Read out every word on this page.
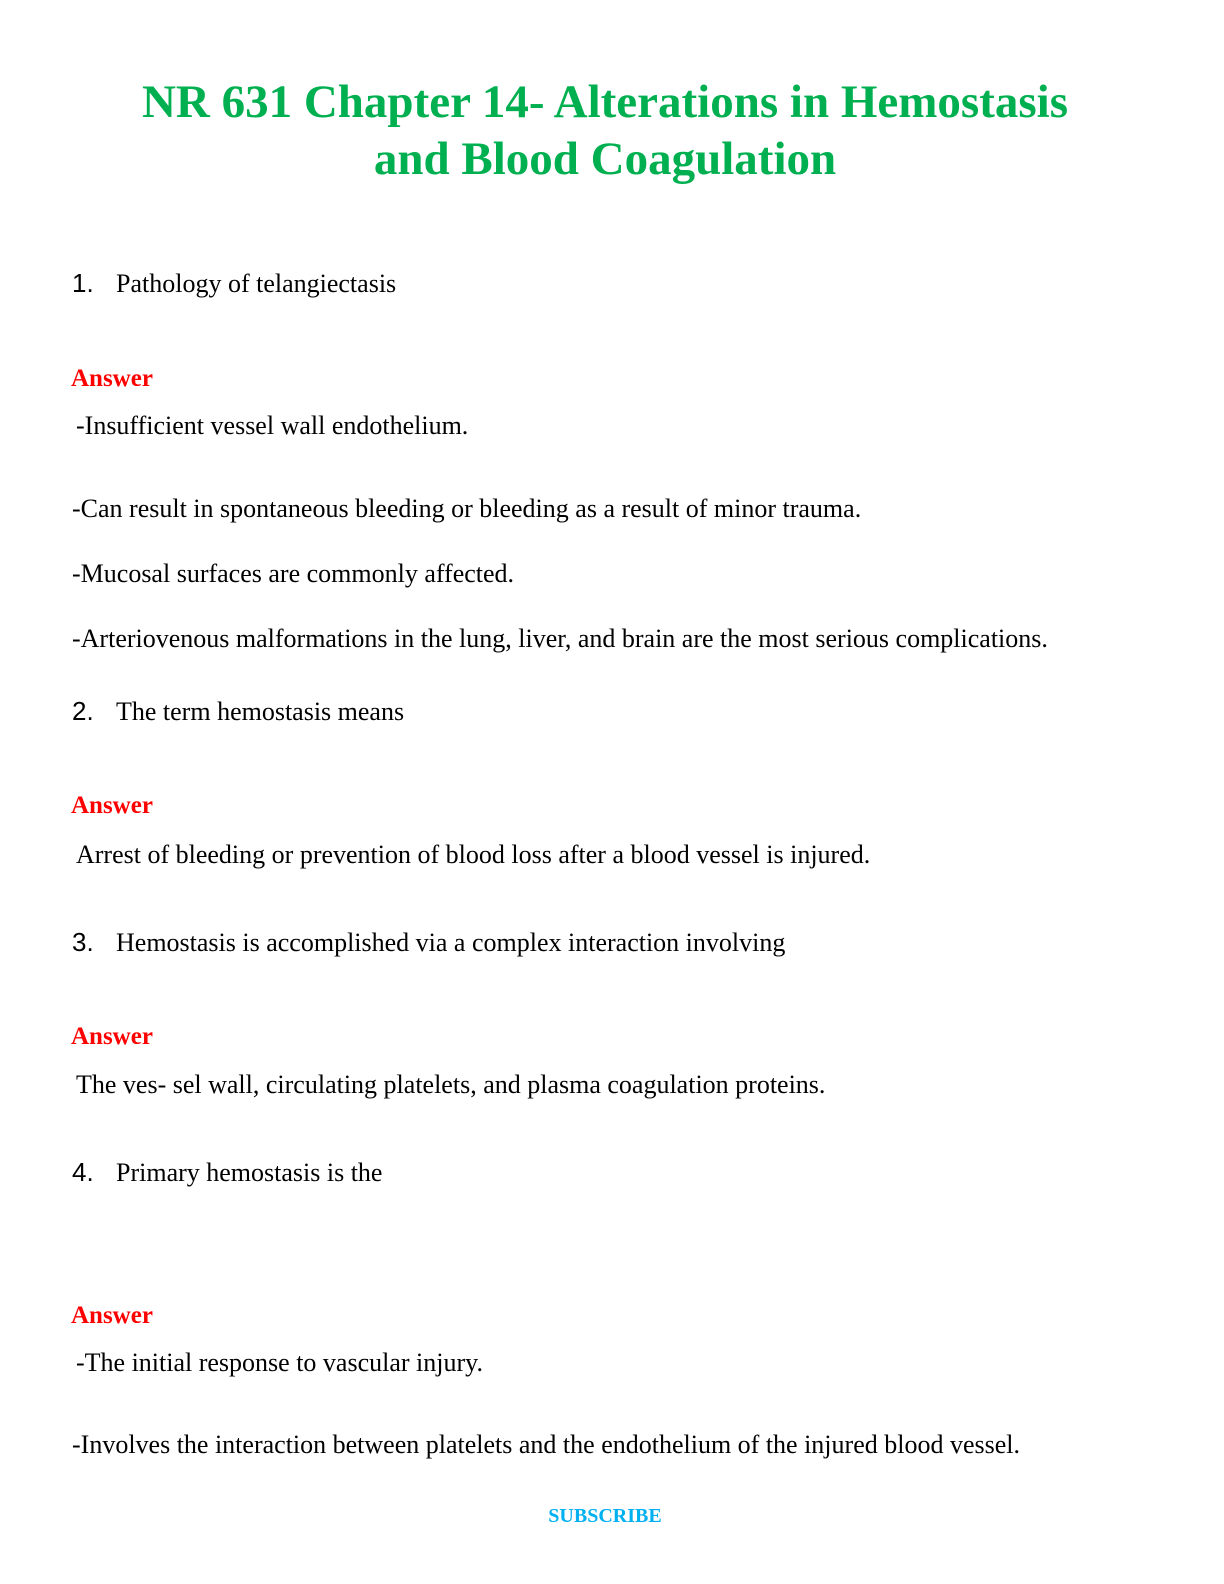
NR 631 Chapter 14- Alterations in Hemostasis
and Blood Coagulation
1. Pathology of telangiectasis
Answer
-Insufficient vessel wall endothelium.
-Can result in spontaneous bleeding or bleeding as a result of minor trauma.
-Mucosal surfaces are commonly affected.
-Arteriovenous malformations in the lung, liver, and brain are the most serious complications.
2. The term hemostasis means
Answer
Arrest of bleeding or prevention of blood loss after a blood vessel is injured.
3. Hemostasis is accomplished via a complex interaction involving
Answer
The ves- sel wall, circulating platelets, and plasma coagulation proteins.
4. Primary hemostasis is the
Answer
-The initial response to vascular injury.
-Involves the interaction between platelets and the endothelium of the injured blood vessel.
SUBSCRIBE
